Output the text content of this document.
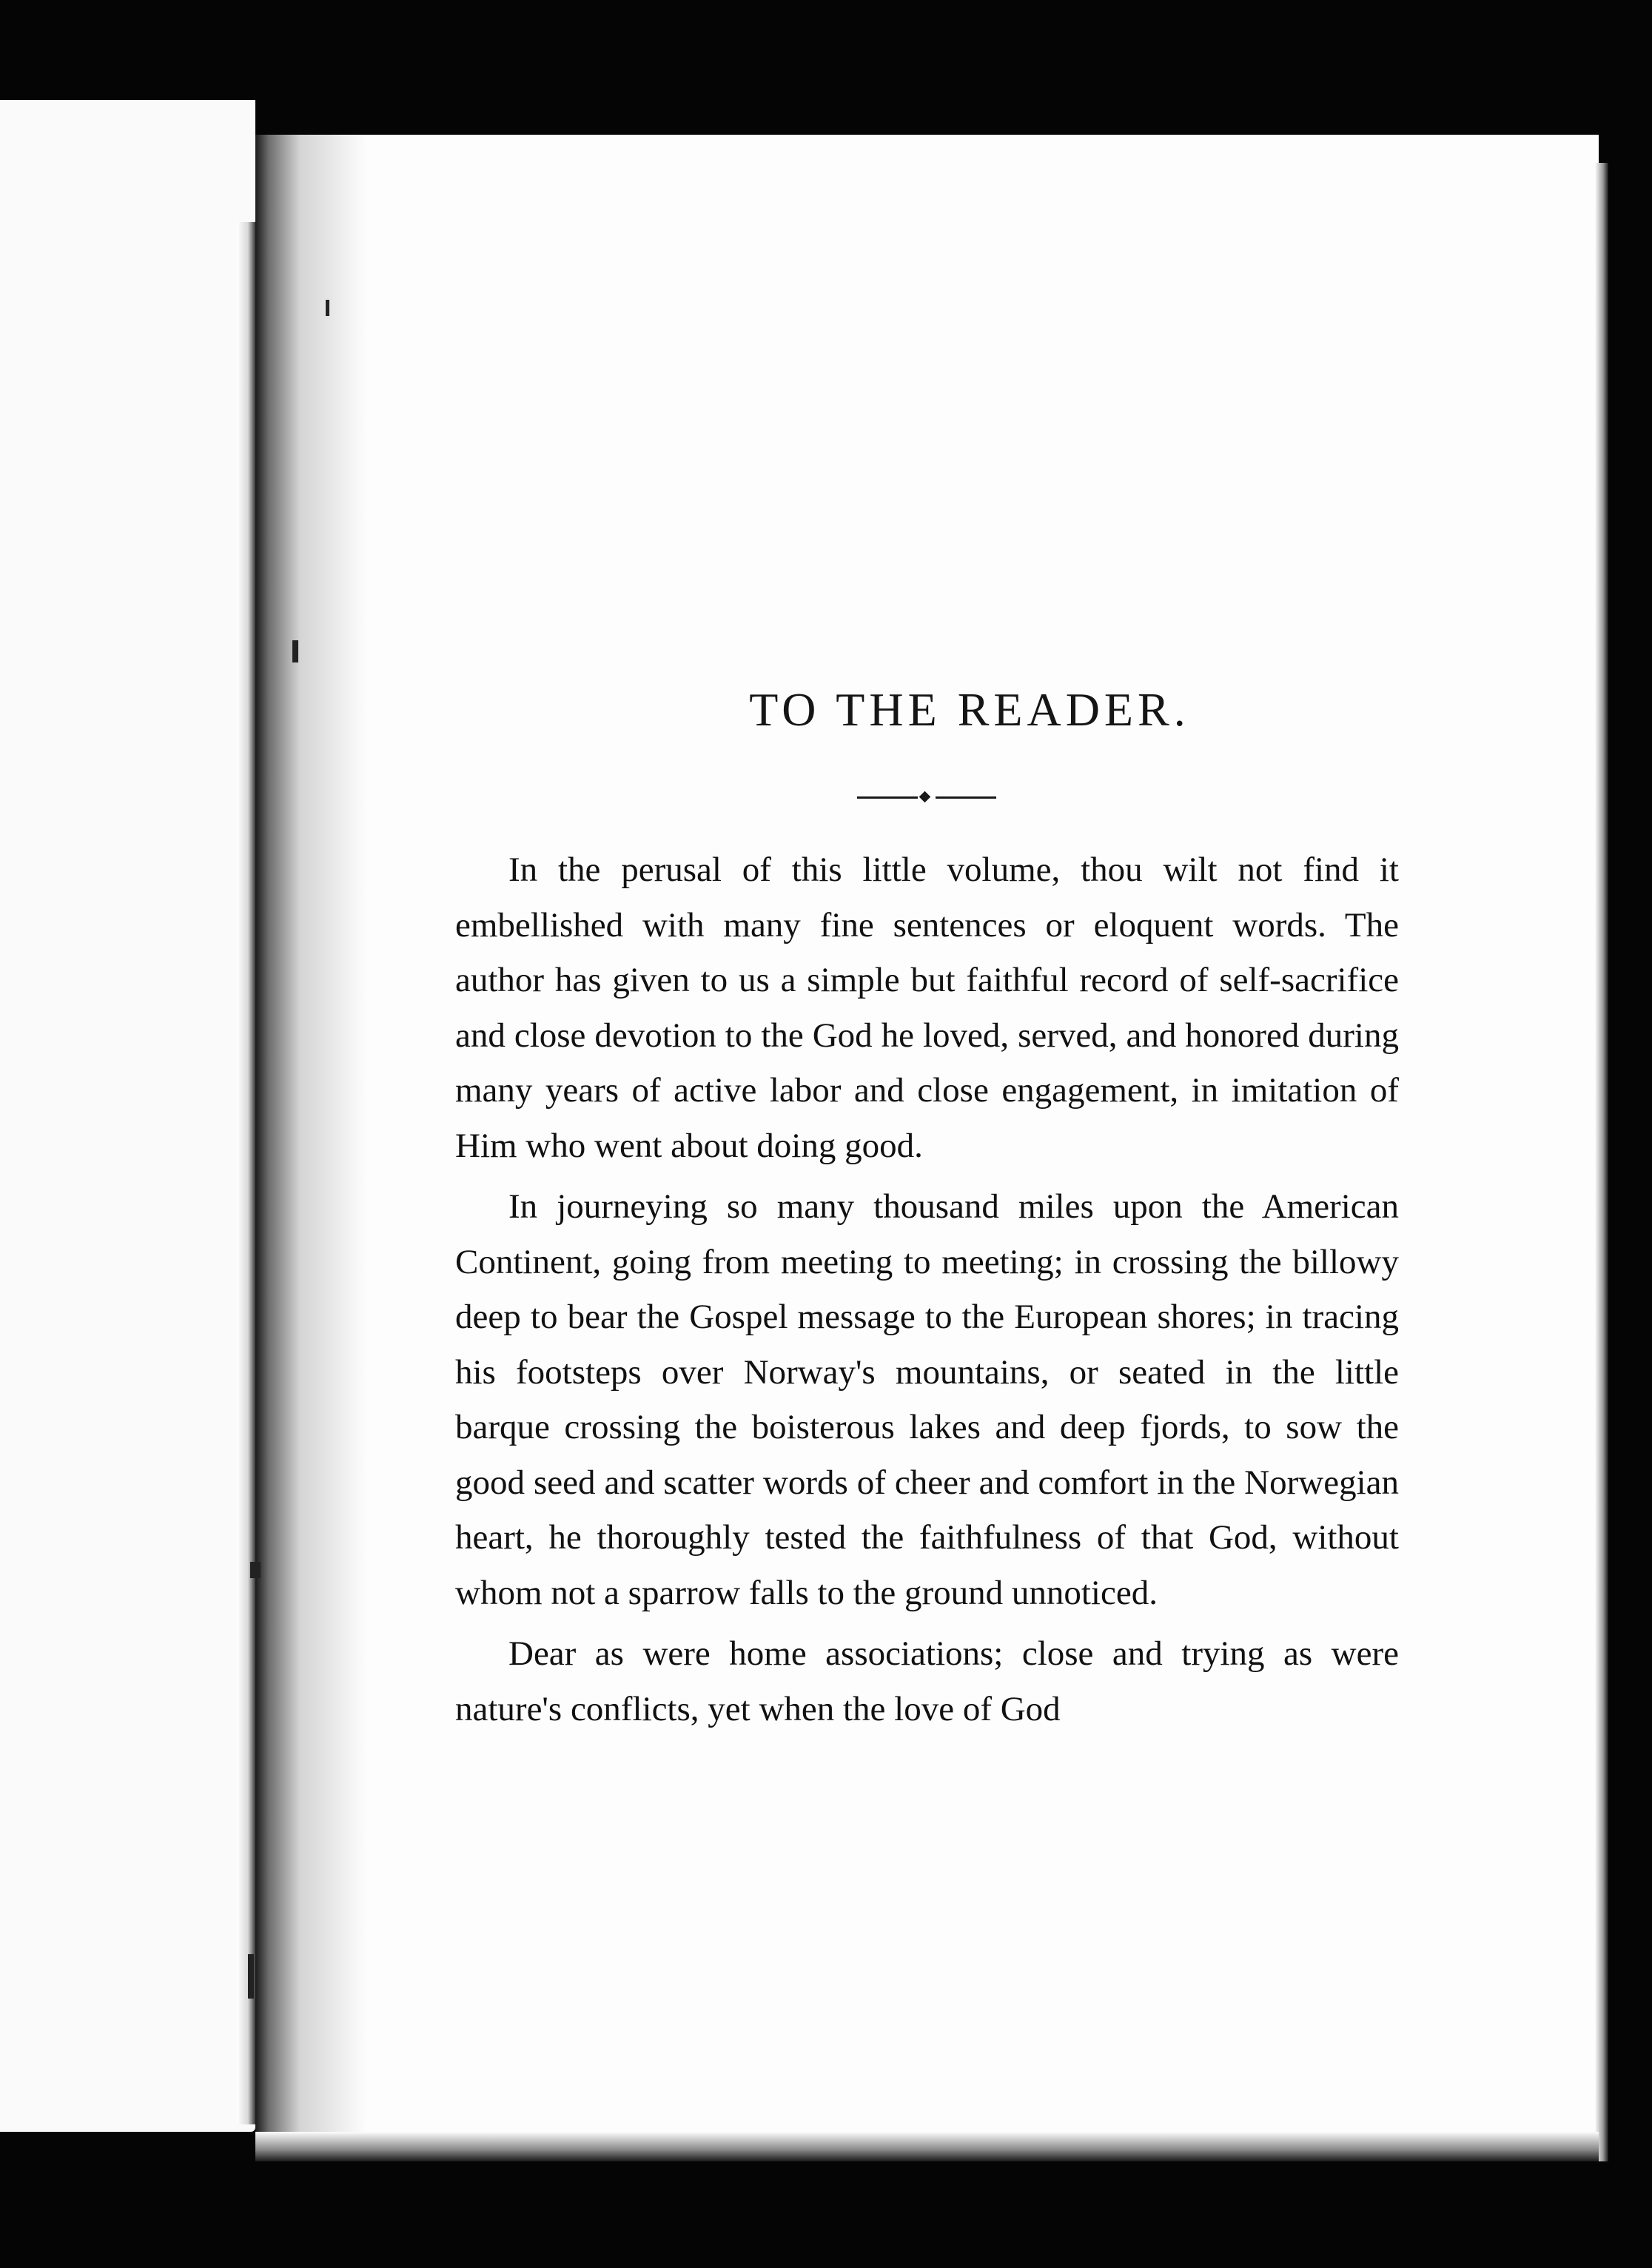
TO THE READER.

In the perusal of this little volume, thou wilt not find it embellished with many fine sentences or eloquent words. The author has given to us a simple but faithful record of self-sacrifice and close devotion to the God he loved, served, and honored during many years of active labor and close engagement, in imitation of Him who went about doing good.

In journeying so many thousand miles upon the American Continent, going from meeting to meeting; in crossing the billowy deep to bear the Gospel message to the European shores; in tracing his footsteps over Norway's mountains, or seated in the little barque crossing the boisterous lakes and deep fjords, to sow the good seed and scatter words of cheer and comfort in the Norwegian heart, he thoroughly tested the faithfulness of that God, without whom not a sparrow falls to the ground unnoticed.

Dear as were home associations; close and trying as were nature's conflicts, yet when the love of God
